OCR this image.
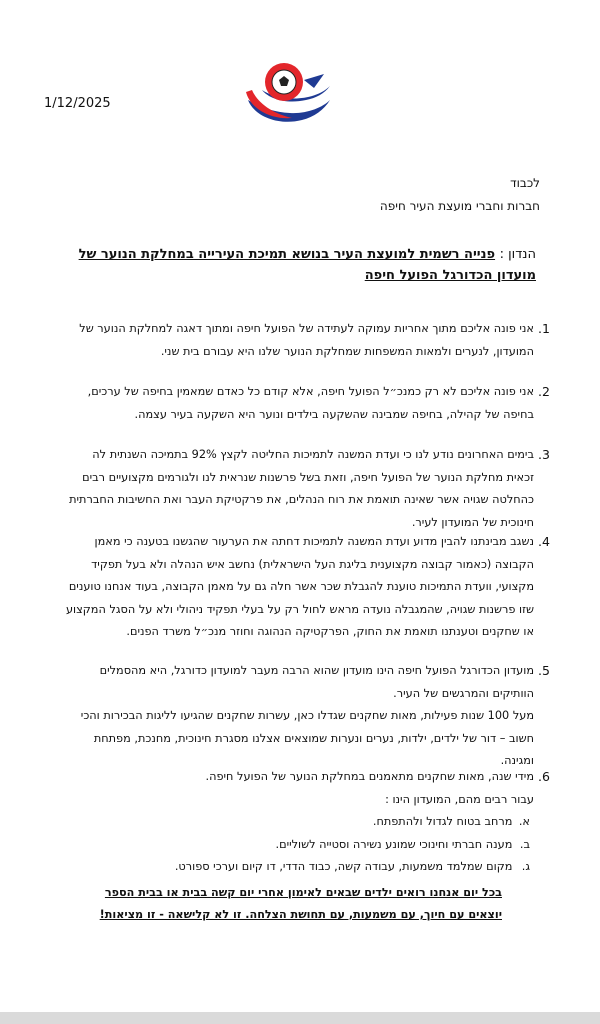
1/12/2025
לכבוד
חברות וחברי מועצת העיר חיפה
הנדון : פנייה רשמית למועצת העיר בנושא תמיכת העירייה במחלקת הנוער של
מועדון הכדורגל הפועל חיפה
1.

אני פונה אליכם מתוך אחריות עמוקה לעתידה של הפועל חיפה ומתוך דאגה למחלקת הנוער של המועדון, לנערים ולמאות המשפחות שמחלקת הנוער שלנו היא עבורם בית שני.

2.

אני פונה אליכם לא רק כמנכ״ל הפועל חיפה, אלא קודם כל כאדם שמאמין בחיפה של ערכים, בחיפה של קהילה, בחיפה שמבינה שהשקעה בילדים ונוער היא השקעה בעיר עצמה.

3.

בימים האחרונים נודע לנו כי ועדת המשנה לתמיכות החליטה לקצץ 92% בתמיכה השנתית לה זכאית מחלקת הנוער של הפועל חיפה, וזאת בשל פרשנות שנראית לנו ולגורמים מקצועיים רבים כהחלטה שגויה אשר שאינה תואמת את רוח הנהלים, את פרקטיקת העבר ואת החשיבות החברתית חינוכית של המועדון לעיר.

4.

נשגב מבינתנו להבין מדוע ועדת המשנה לתמיכות דחתה את הערעור שהגשנו בטענה כי מאמן הקבוצה (כאמור קבוצה מקצוענית בליגת העל הישראלית) נחשב איש הנהלה ולא בעל תפקיד מקצועי, וועדת התמיכות טוענת להגבלת שכר אשר חלה גם על מאמן הקבוצה, בעוד אנחנו טוענים שזו פרשנות שגויה, שהמגבלה נועדה מראש לחול רק על בעלי תפקיד ניהולי ולא על הסגל המקצוע או שחקנים וטענתנו תואמת את החוק, הפרקטיקה הנהוגה וחוזר מנכ״ל משרד הפנים.

5.

מועדון הכדורגל הפועל חיפה הינו מועדון שהוא הרבה מעבר למועדון כדורגל, היא מהסמלים הוותיקים והמרגשים של העיר.

מעל 100 שנות פעילות, מאות שחקנים שגדלו כאן, עשרות שחקנים שהגיעו לליגות הבכירות והכי חשוב – דור של ילדים, ילדות, נערים ונערות שמוצאים אצלנו מסגרת חינוכית, מחנכת, מפתחת ומגינה.

6.

מידי שנה, מאות שחקנים מתאמנים במחלקת הנוער של הפועל חיפה.

עבור רבים מהם, המועדון הינו :

א. מרחב בטוח לגדול ולהתפתח.
ב. מענה חברתי וחינוכי שמונע נשירה וסטייה לשוליים.
ג. מקום שמלמד משמעות, עבודה קשה, כבוד הדדי, דו קיום וערכי ספורט.
בכל יום אנחנו רואים ילדים שבאים לאימון אחרי יום קשה בבית או בבית הספר יוצאים עם חיוך, עם משמעות, עם תחושת הצלחה. זו לא קלישאה - זו מציאות!
